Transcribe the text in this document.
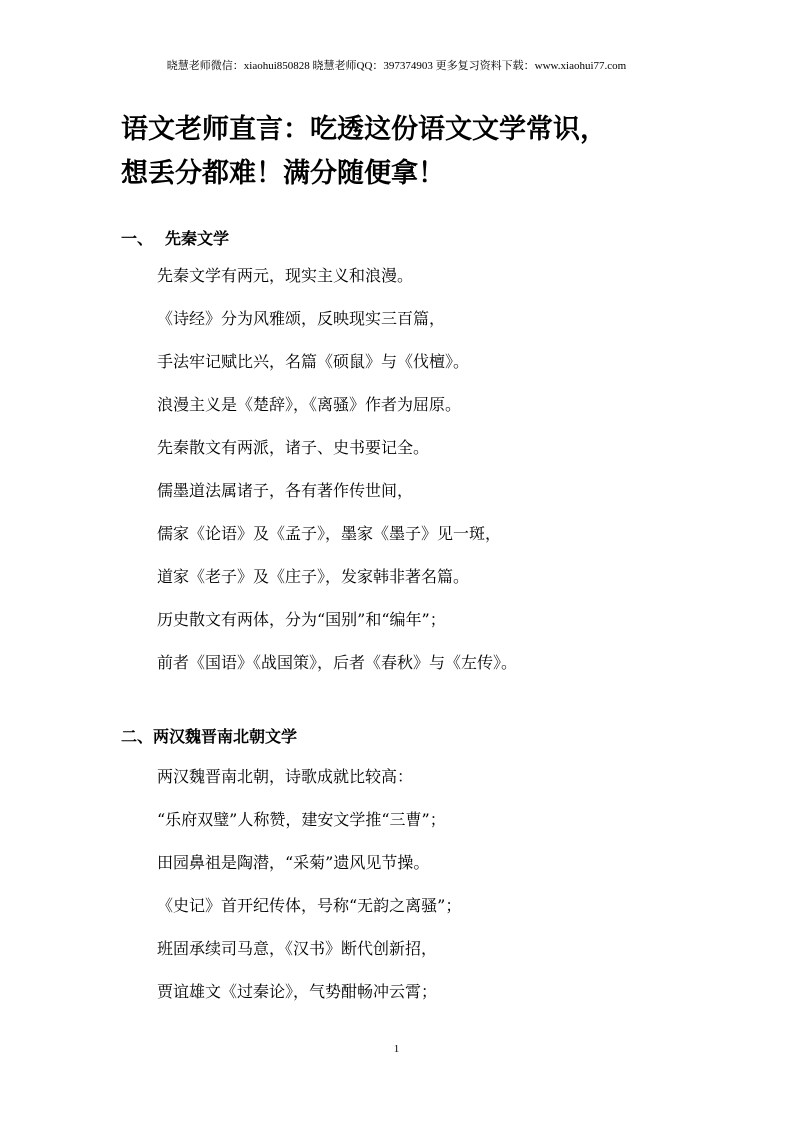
晓慧老师微信：xiaohui850828 晓慧老师QQ：397374903 更多复习资料下载：www.xiaohui77.com
语文老师直言：吃透这份语文文学常识，
想丢分都难！满分随便拿！
一、 先秦文学
先秦文学有两元，现实主义和浪漫。
《诗经》分为风雅颂，反映现实三百篇，
手法牢记赋比兴，名篇《硕鼠》与《伐檀》。
浪漫主义是《楚辞》，《离骚》作者为屈原。
先秦散文有两派，诸子、史书要记全。
儒墨道法属诸子，各有著作传世间，
儒家《论语》及《孟子》，墨家《墨子》见一斑，
道家《老子》及《庄子》，发家韩非著名篇。
历史散文有两体，分为“国别”和“编年”；
前者《国语》《战国策》，后者《春秋》与《左传》。
二、两汉魏晋南北朝文学
两汉魏晋南北朝，诗歌成就比较高：
“乐府双璧”人称赞，建安文学推“三曹”；
田园鼻祖是陶潜，“采菊”遗风见节操。
《史记》首开纪传体，号称“无韵之离骚”；
班固承续司马意，《汉书》断代创新招，
贾谊雄文《过秦论》，气势酣畅冲云霄；
1
